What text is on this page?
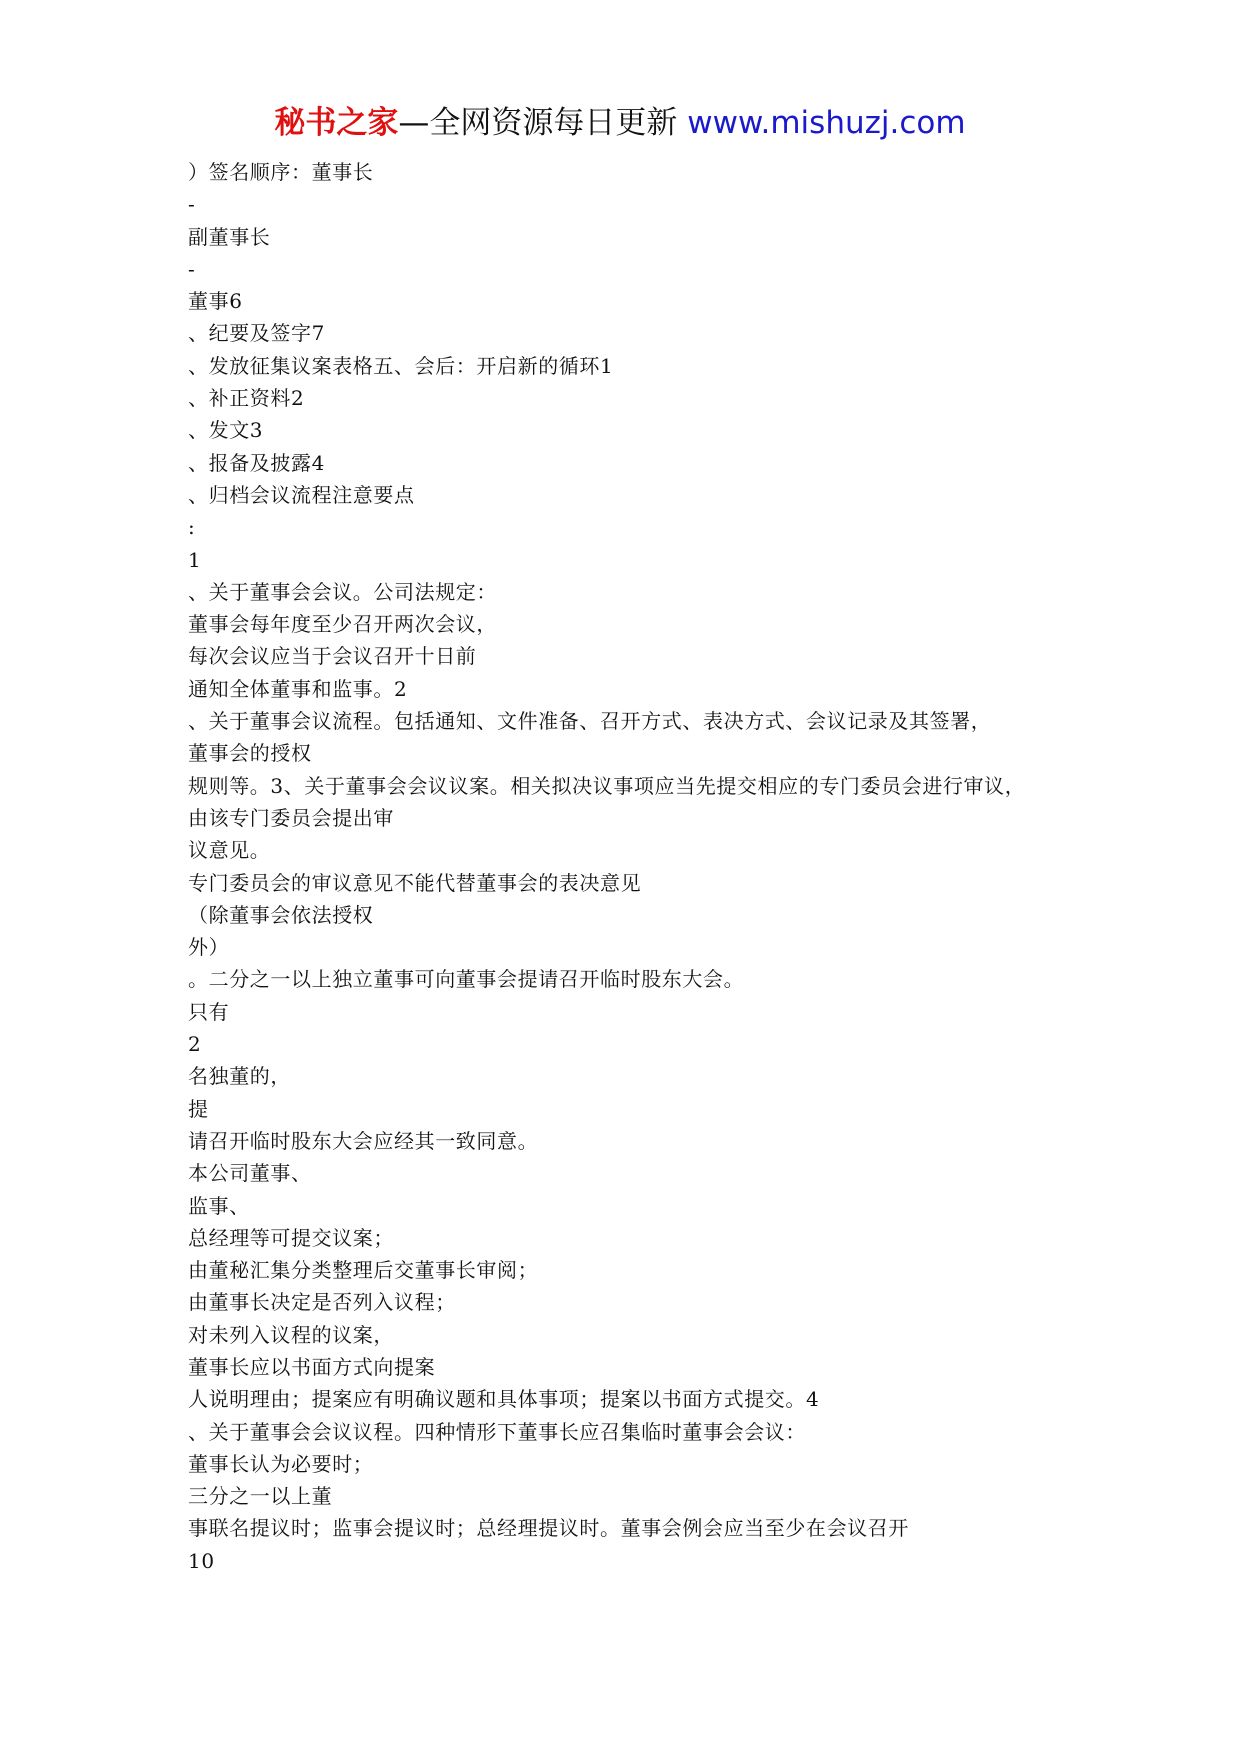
秘书之家—全网资源每日更新 www.mishuzj.com
）签名顺序：董事长
-
副董事长
-
董事6
、纪要及签字7
、发放征集议案表格五、会后：开启新的循环1
、补正资料2
、发文3
、报备及披露4
、归档会议流程注意要点
:
1
、关于董事会会议。公司法规定：
董事会每年度至少召开两次会议，
每次会议应当于会议召开十日前
通知全体董事和监事。2
、关于董事会议流程。包括通知、文件准备、召开方式、表决方式、会议记录及其签署，
董事会的授权
规则等。3、关于董事会会议议案。相关拟决议事项应当先提交相应的专门委员会进行审议，
由该专门委员会提出审
议意见。
专门委员会的审议意见不能代替董事会的表决意见
（除董事会依法授权
外）
。二分之一以上独立董事可向董事会提请召开临时股东大会。
只有
2
名独董的，
提
请召开临时股东大会应经其一致同意。
本公司董事、
监事、
总经理等可提交议案；
由董秘汇集分类整理后交董事长审阅；
由董事长决定是否列入议程；
对未列入议程的议案，
董事长应以书面方式向提案
人说明理由；提案应有明确议题和具体事项；提案以书面方式提交。4
、关于董事会会议议程。四种情形下董事长应召集临时董事会会议：
董事长认为必要时；
三分之一以上董
事联名提议时；监事会提议时；总经理提议时。董事会例会应当至少在会议召开
10
